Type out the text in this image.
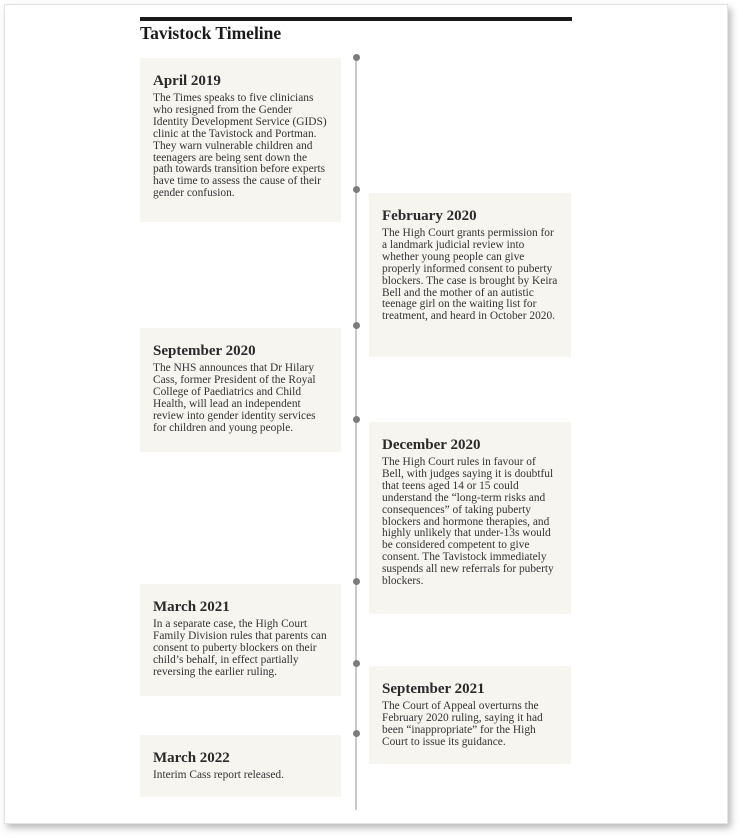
Tavistock Timeline

April 2019

The Times speaks to five clinicians who resigned from the Gender Identity Development Service (GIDS) clinic at the Tavistock and Portman. They warn vulnerable children and teenagers are being sent down the path towards transition before experts have time to assess the cause of their gender confusion.

February 2020

The High Court grants permission for a landmark judicial review into whether young people can give properly informed consent to puberty blockers. The case is brought by Keira Bell and the mother of an autistic teenage girl on the waiting list for treatment, and heard in October 2020.

September 2020

The NHS announces that Dr Hilary Cass, former President of the Royal College of Paediatrics and Child Health, will lead an independent review into gender identity services for children and young people.

December 2020

The High Court rules in favour of Bell, with judges saying it is doubtful that teens aged 14 or 15 could understand the “long-term risks and consequences” of taking puberty blockers and hormone therapies, and highly unlikely that under-13s would be considered competent to give consent. The Tavistock immediately suspends all new referrals for puberty blockers.

March 2021

In a separate case, the High Court Family Division rules that parents can consent to puberty blockers on their child’s behalf, in effect partially reversing the earlier ruling.

September 2021

The Court of Appeal overturns the February 2020 ruling, saying it had been “inappropriate” for the High Court to issue its guidance.

March 2022

Interim Cass report released.
